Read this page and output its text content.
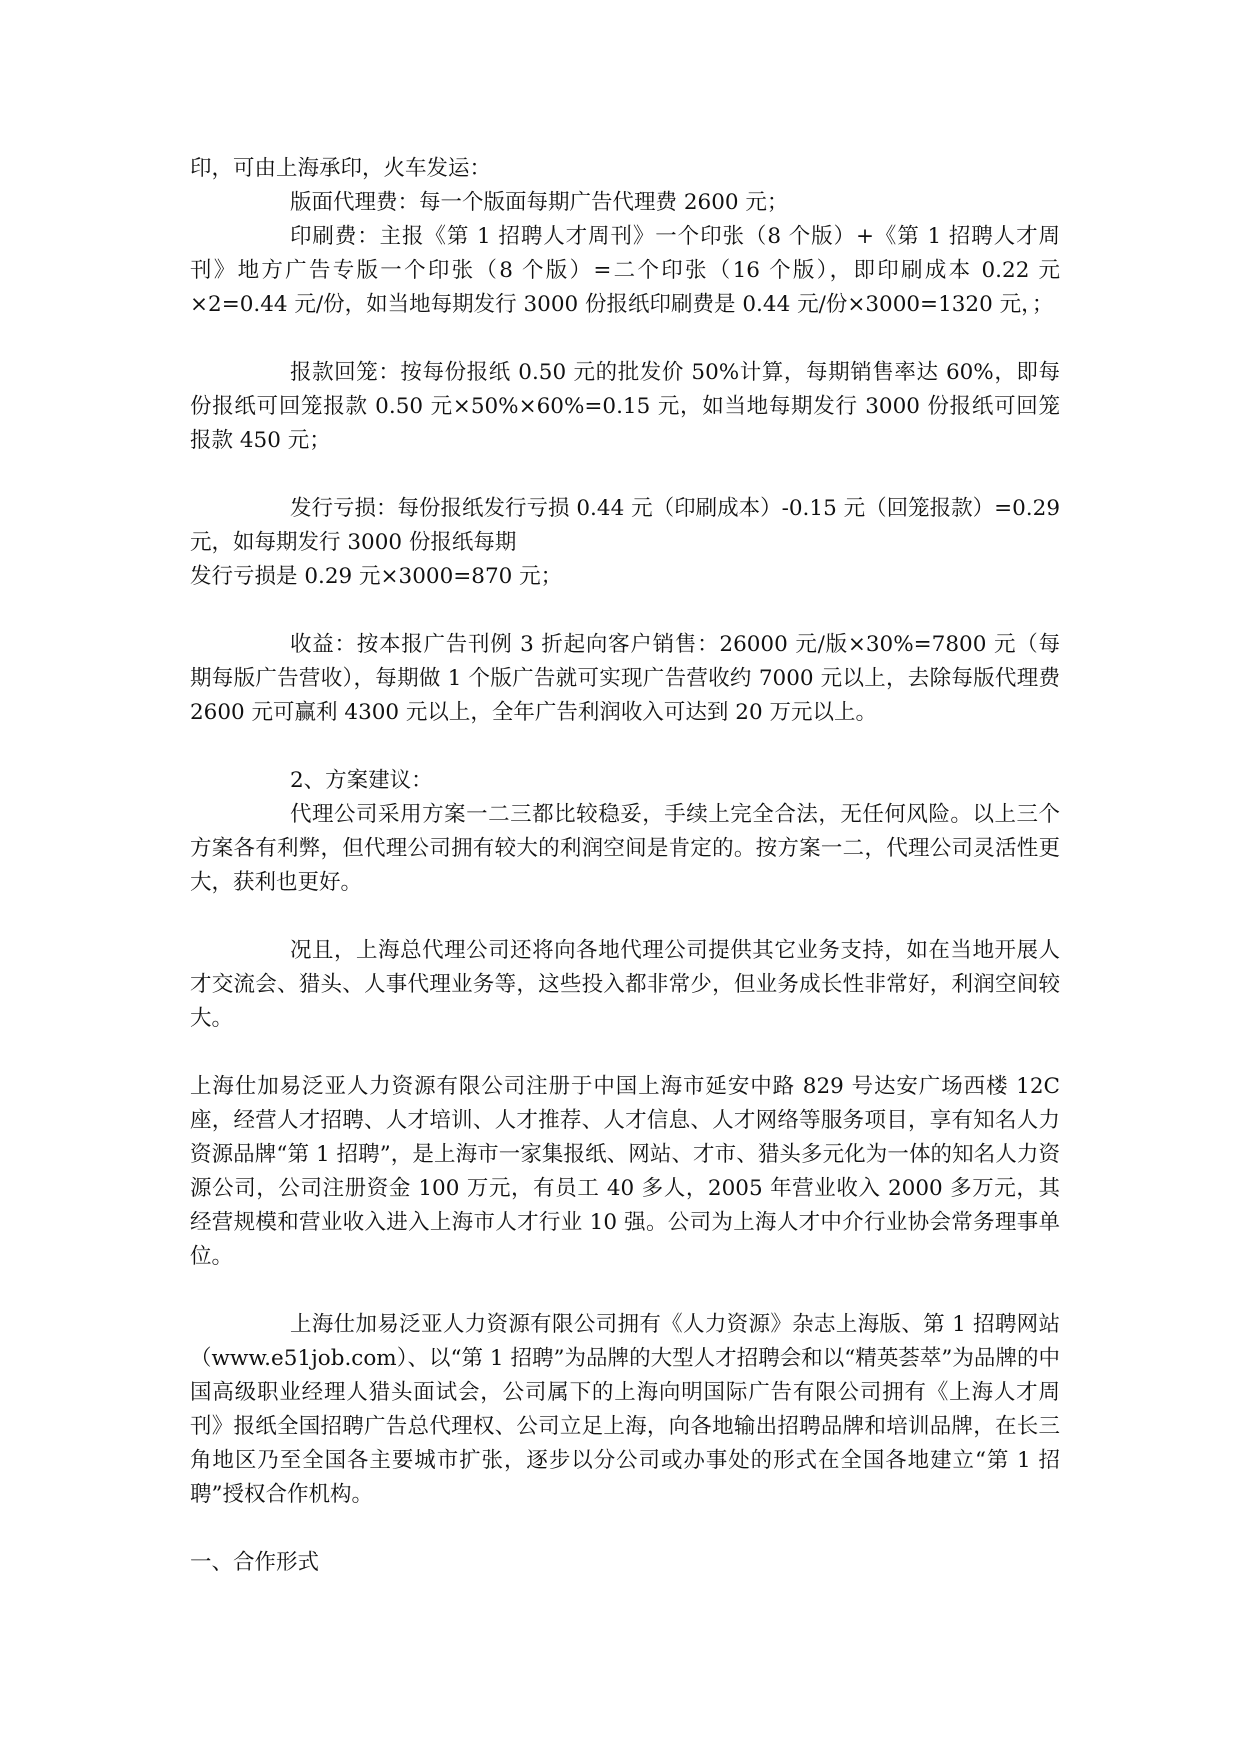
印，可由上海承印，火车发运：

版面代理费：每一个版面每期广告代理费 2600 元；

印刷费：主报《第 1 招聘人才周刊》一个印张（8 个版）+《第 1 招聘人才周刊》地方广告专版一个印张（8 个版）=二个印张（16 个版），即印刷成本 0.22 元×2=0.44 元/份，如当地每期发行 3000 份报纸印刷费是 0.44 元/份×3000=1320 元，；

报款回笼：按每份报纸 0.50 元的批发价 50%计算，每期销售率达 60%，即每份报纸可回笼报款 0.50 元×50%×60%=0.15 元，如当地每期发行 3000 份报纸可回笼报款 450 元；

发行亏损：每份报纸发行亏损 0.44 元（印刷成本）-0.15 元（回笼报款）=0.29 元，如每期发行 3000 份报纸每期

发行亏损是 0.29 元×3000=870 元；

收益：按本报广告刊例 3 折起向客户销售：26000 元/版×30%=7800 元（每期每版广告营收），每期做 1 个版广告就可实现广告营收约 7000 元以上，去除每版代理费 2600 元可赢利 4300 元以上，全年广告利润收入可达到 20 万元以上。

2、方案建议：

代理公司采用方案一二三都比较稳妥，手续上完全合法，无任何风险。以上三个方案各有利弊，但代理公司拥有较大的利润空间是肯定的。按方案一二，代理公司灵活性更大，获利也更好。

况且，上海总代理公司还将向各地代理公司提供其它业务支持，如在当地开展人才交流会、猎头、人事代理业务等，这些投入都非常少，但业务成长性非常好，利润空间较大。

上海仕加易泛亚人力资源有限公司注册于中国上海市延安中路 829 号达安广场西楼 12C 座，经营人才招聘、人才培训、人才推荐、人才信息、人才网络等服务项目，享有知名人力资源品牌“第 1 招聘”，是上海市一家集报纸、网站、才市、猎头多元化为一体的知名人力资源公司，公司注册资金 100 万元，有员工 40 多人，2005 年营业收入 2000 多万元，其经营规模和营业收入进入上海市人才行业 10 强。公司为上海人才中介行业协会常务理事单位。

上海仕加易泛亚人力资源有限公司拥有《人力资源》杂志上海版、第 1 招聘网站（www.e51job.com）、以“第 1 招聘”为品牌的大型人才招聘会和以“精英荟萃”为品牌的中国高级职业经理人猎头面试会，公司属下的上海向明国际广告有限公司拥有《上海人才周刊》报纸全国招聘广告总代理权、公司立足上海，向各地输出招聘品牌和培训品牌，在长三角地区乃至全国各主要城市扩张，逐步以分公司或办事处的形式在全国各地建立“第 1 招聘”授权合作机构。

一、合作形式
